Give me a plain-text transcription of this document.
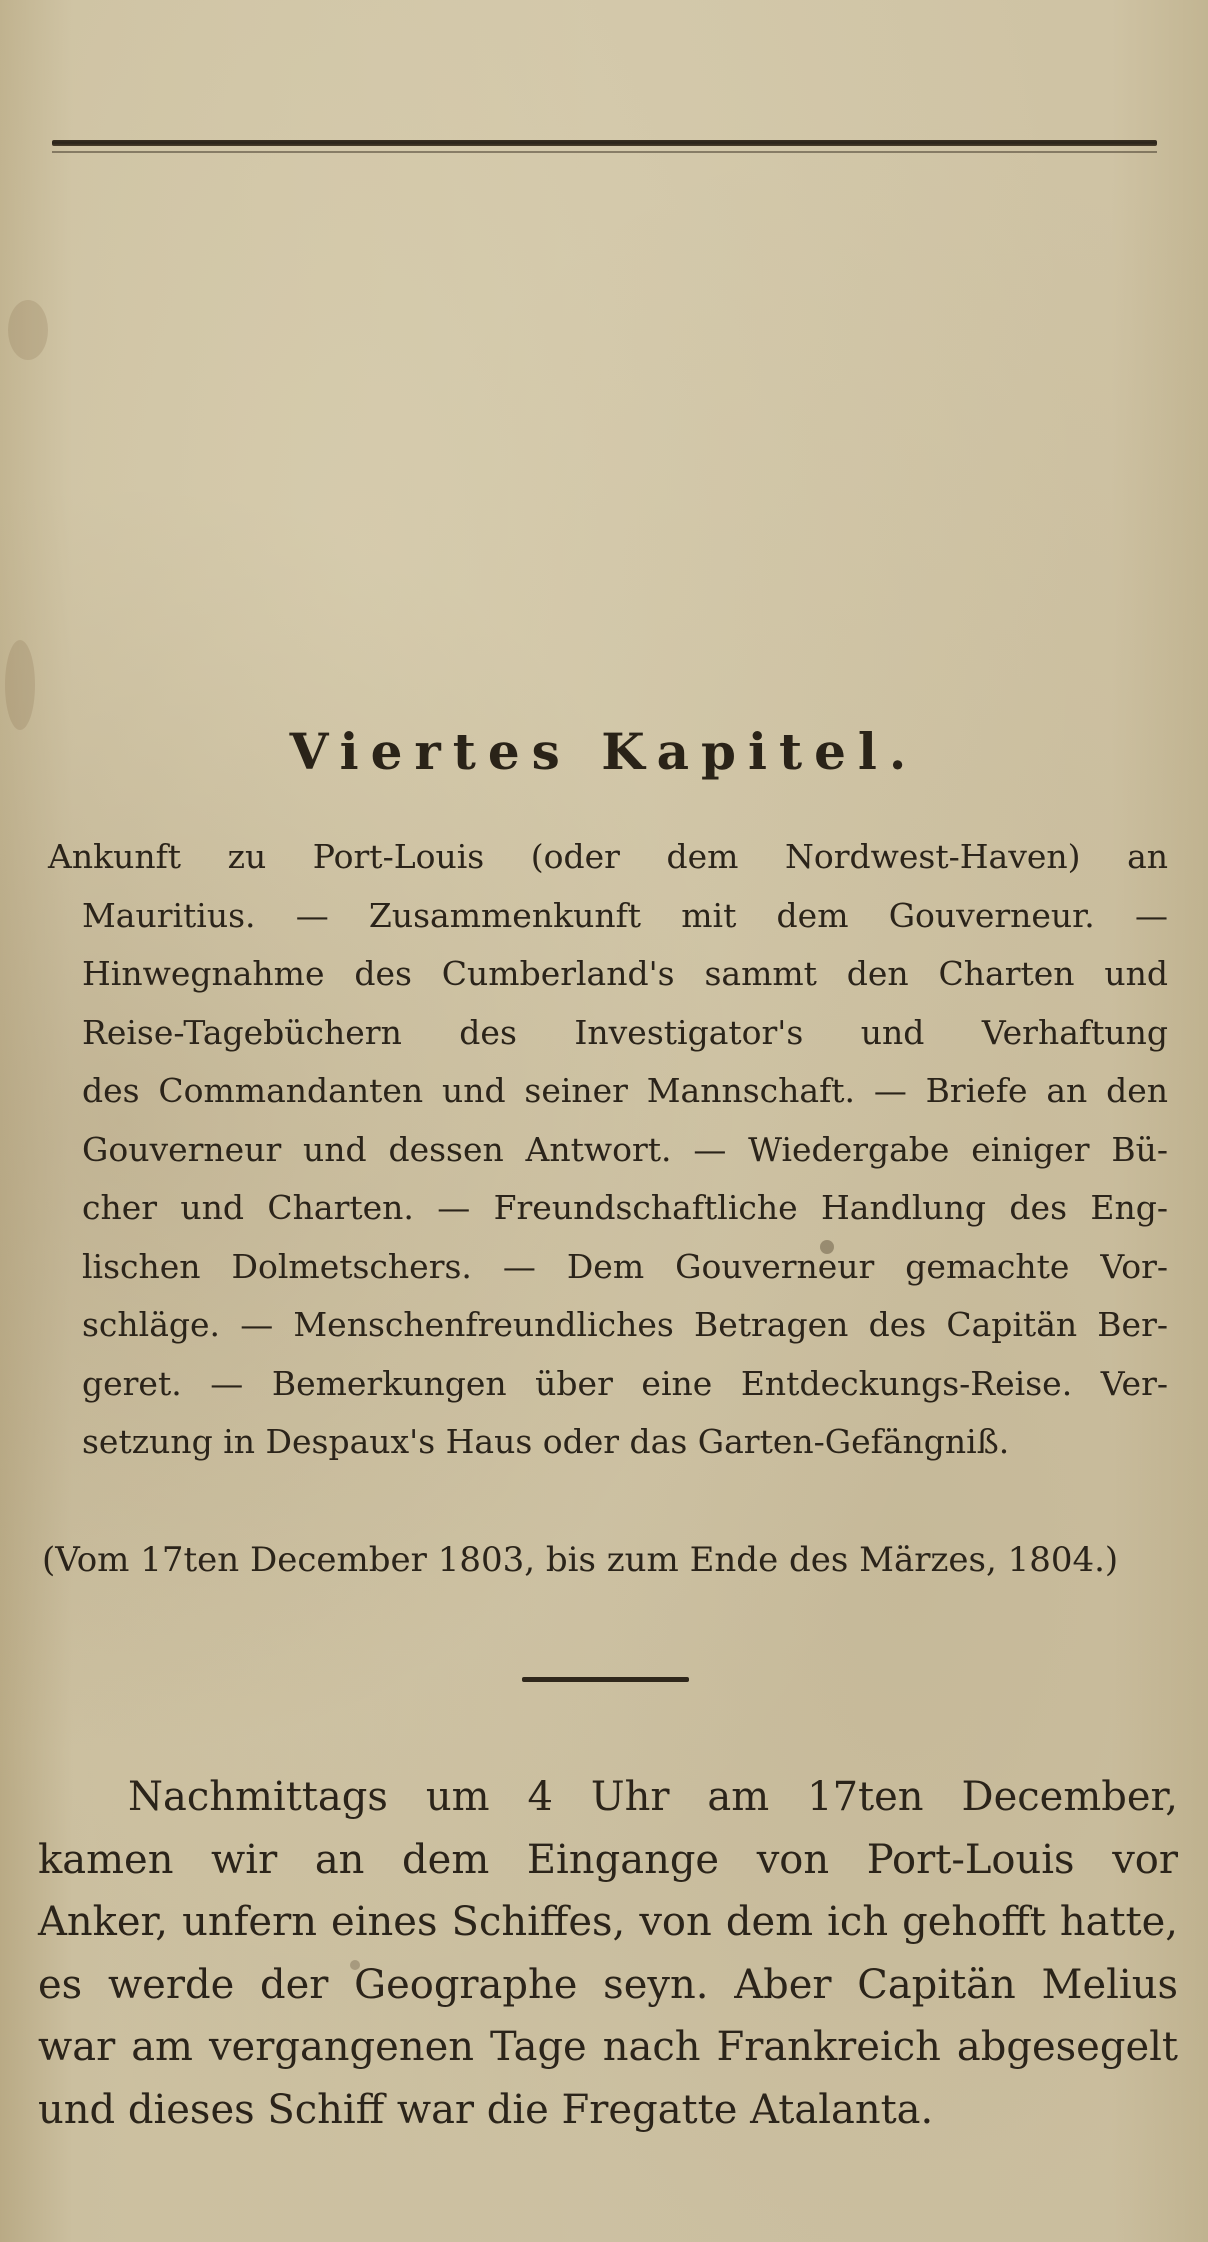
Viertes Kapitel.
Ankunft zu Port-Louis (oder dem Nordwest-Haven) an
Mauritius. — Zusammenkunft mit dem Gouverneur. —
Hinwegnahme des Cumberland's sammt den Charten und
Reise-Tagebüchern des Investigator's und Verhaftung
des Commandanten und seiner Mannschaft. — Briefe an den
Gouverneur und dessen Antwort. — Wiedergabe einiger Bü-
cher und Charten. — Freundschaftliche Handlung des Eng-
lischen Dolmetschers. — Dem Gouverneur gemachte Vor-
schläge. — Menschenfreundliches Betragen des Capitän Ber-
geret. — Bemerkungen über eine Entdeckungs-Reise. Ver-
setzung in Despaux's Haus oder das Garten-Gefängniß.
(Vom 17ten December 1803, bis zum Ende des Märzes, 1804.)
Nachmittags um 4 Uhr am 17ten December,
kamen wir an dem Eingange von Port-Louis vor
Anker, unfern eines Schiffes, von dem ich gehofft hatte,
es werde der Geographe seyn. Aber Capitän Melius
war am vergangenen Tage nach Frankreich abgesegelt
und dieses Schiff war die Fregatte Atalanta.
